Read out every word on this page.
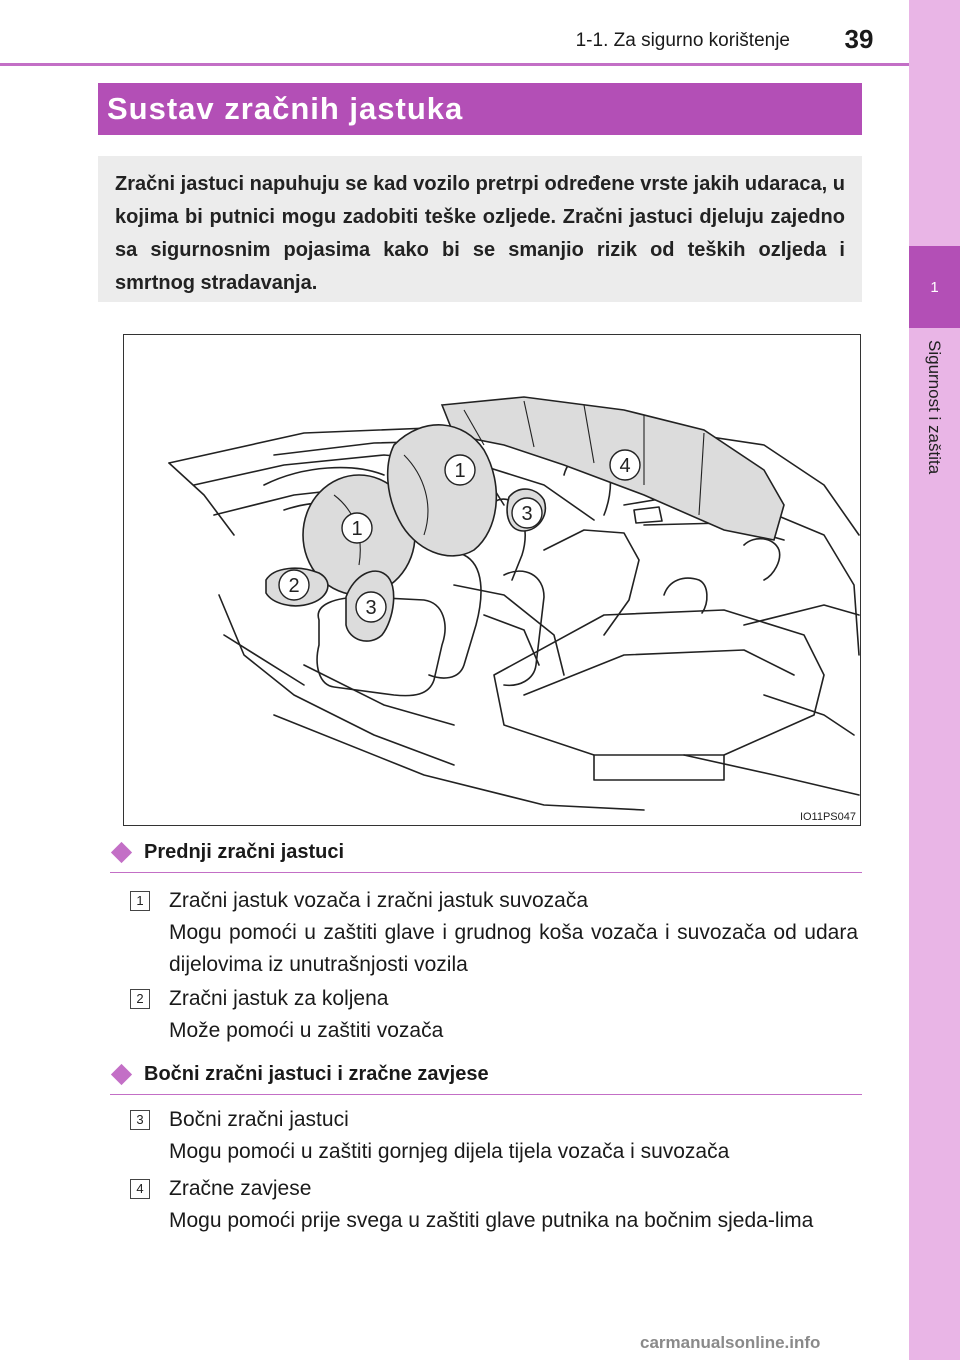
1
Sigurnost i zaštita
1-1. Za sigurno korištenje	39
Sustav zračnih jastuka

Zračni jastuci napuhuju se kad vozilo pretrpi određene vrste jakih udaraca, u kojima bi putnici mogu zadobiti teške ozljede. Zračni jastuci djeluju zajedno sa sigurnosnim pojasima kako bi se smanjio rizik od teških ozljeda i smrtnog stradavanja.

1
1
2
3
3
4
IO11PS047
Prednji zračni jastuci
1	Zračni jastuk vozača i zračni jastuk suvozača
Mogu pomoći u zaštiti glave i grudnog koša vozača i suvozača od udara dijelovima iz unutrašnjosti vozila
2	Zračni jastuk za koljena
Može pomoći u zaštiti vozača
Bočni zračni jastuci i zračne zavjese
3	Bočni zračni jastuci
Mogu pomoći u zaštiti gornjeg dijela tijela vozača i suvozača
4	Zračne zavjese
Mogu pomoći prije svega u zaštiti glave putnika na bočnim sjeda-lima
carmanualsonline.info
